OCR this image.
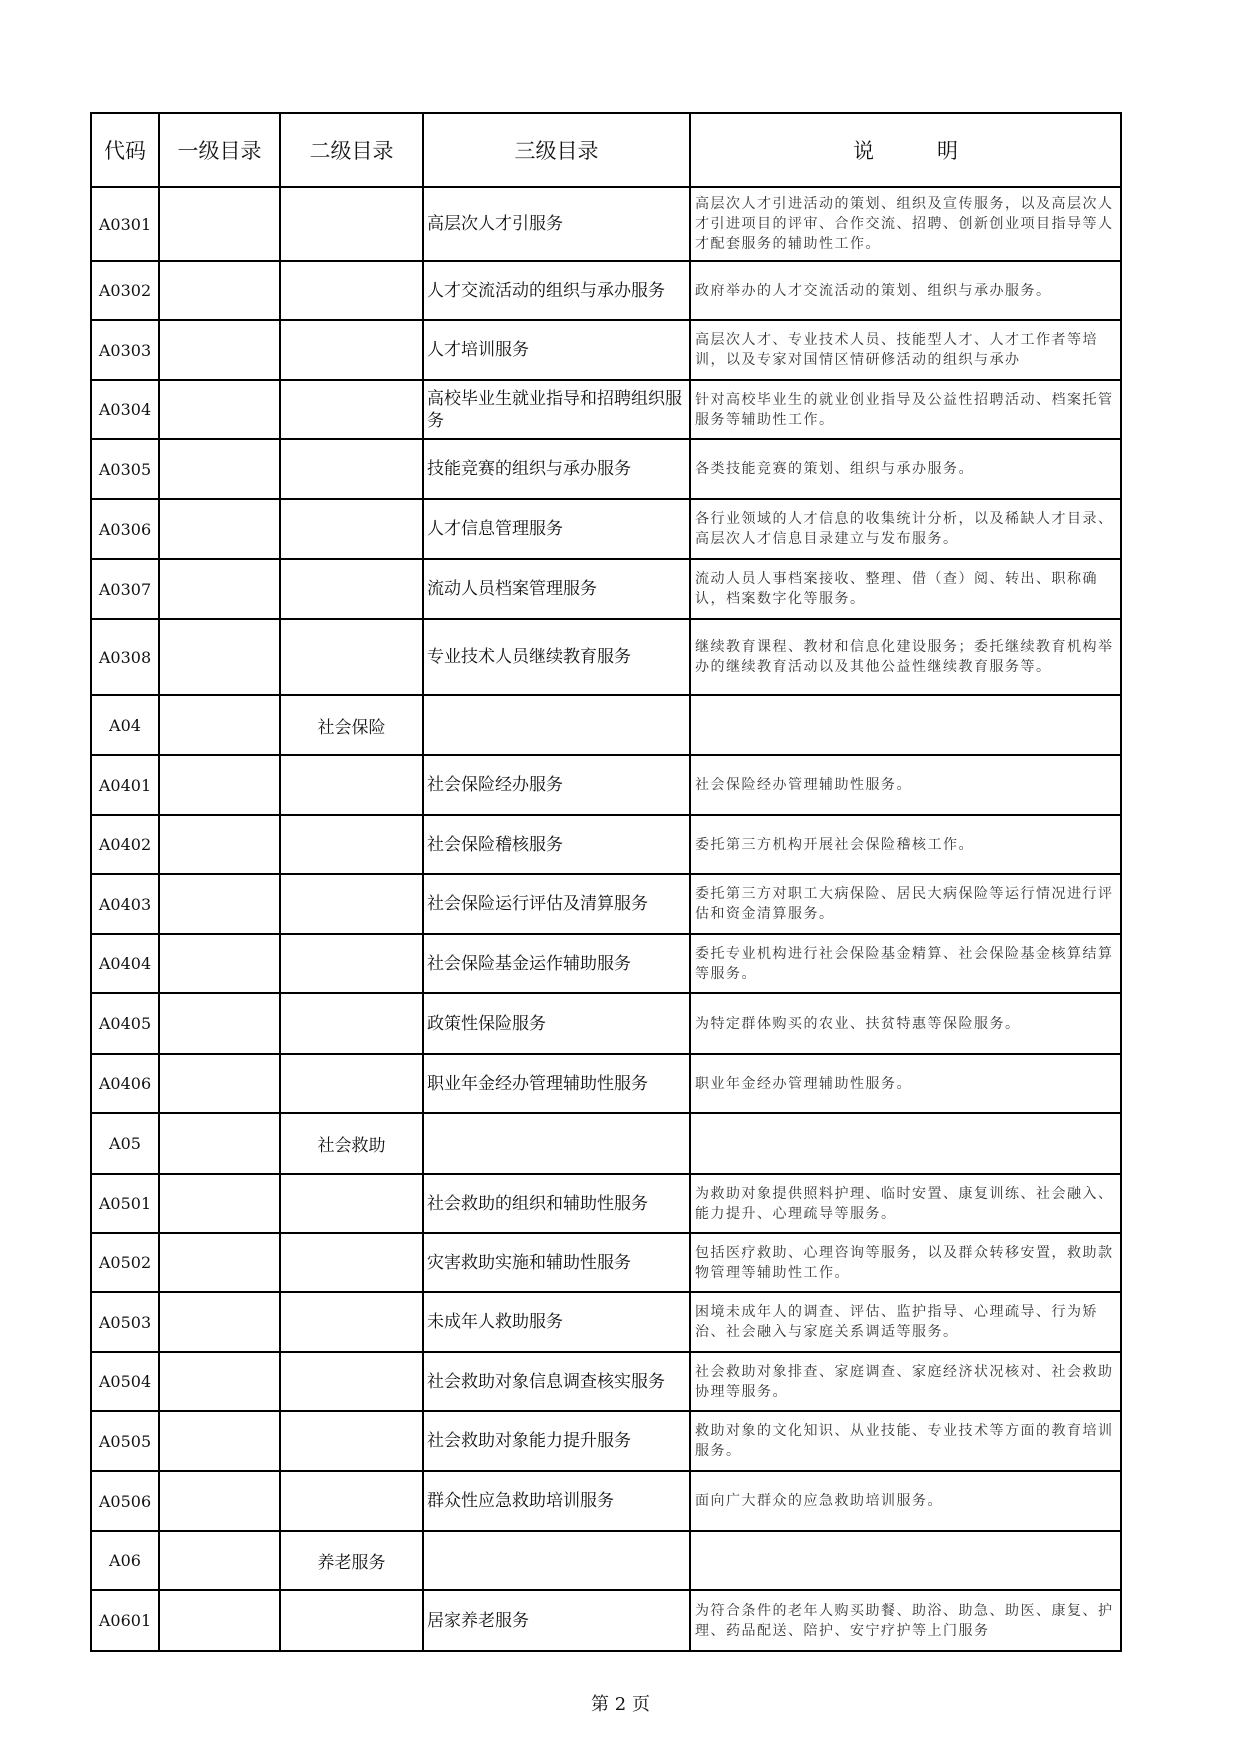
代码	一级目录	二级目录	三级目录	说　　　明

A0301			高层次人才引服务	高层次人才引进活动的策划、组织及宣传服务，以及高层次人才引进项目的评审、合作交流、招聘、创新创业项目指导等人才配套服务的辅助性工作。

A0302			人才交流活动的组织与承办服务	政府举办的人才交流活动的策划、组织与承办服务。

A0303			人才培训服务	高层次人才、专业技术人员、技能型人才、人才工作者等培训，以及专家对国情区情研修活动的组织与承办

A0304			高校毕业生就业指导和招聘组织服务	针对高校毕业生的就业创业指导及公益性招聘活动、档案托管服务等辅助性工作。

A0305			技能竞赛的组织与承办服务	各类技能竞赛的策划、组织与承办服务。

A0306			人才信息管理服务	各行业领域的人才信息的收集统计分析，以及稀缺人才目录、高层次人才信息目录建立与发布服务。

A0307			流动人员档案管理服务	流动人员人事档案接收、整理、借（查）阅、转出、职称确认，档案数字化等服务。

A0308			专业技术人员继续教育服务	继续教育课程、教材和信息化建设服务；委托继续教育机构举办的继续教育活动以及其他公益性继续教育服务等。

A04		社会保险		

A0401			社会保险经办服务	社会保险经办管理辅助性服务。

A0402			社会保险稽核服务	委托第三方机构开展社会保险稽核工作。

A0403			社会保险运行评估及清算服务	委托第三方对职工大病保险、居民大病保险等运行情况进行评估和资金清算服务。

A0404			社会保险基金运作辅助服务	委托专业机构进行社会保险基金精算、社会保险基金核算结算等服务。

A0405			政策性保险服务	为特定群体购买的农业、扶贫特惠等保险服务。

A0406			职业年金经办管理辅助性服务	职业年金经办管理辅助性服务。

A05		社会救助		

A0501			社会救助的组织和辅助性服务	为救助对象提供照料护理、临时安置、康复训练、社会融入、能力提升、心理疏导等服务。

A0502			灾害救助实施和辅助性服务	包括医疗救助、心理咨询等服务，以及群众转移安置，救助款物管理等辅助性工作。

A0503			未成年人救助服务	困境未成年人的调查、评估、监护指导、心理疏导、行为矫治、社会融入与家庭关系调适等服务。

A0504			社会救助对象信息调查核实服务	社会救助对象排查、家庭调查、家庭经济状况核对、社会救助协理等服务。

A0505			社会救助对象能力提升服务	救助对象的文化知识、从业技能、专业技术等方面的教育培训服务。

A0506			群众性应急救助培训服务	面向广大群众的应急救助培训服务。

A06		养老服务		

A0601			居家养老服务	为符合条件的老年人购买助餐、助浴、助急、助医、康复、护理、药品配送、陪护、安宁疗护等上门服务
第 2 页
